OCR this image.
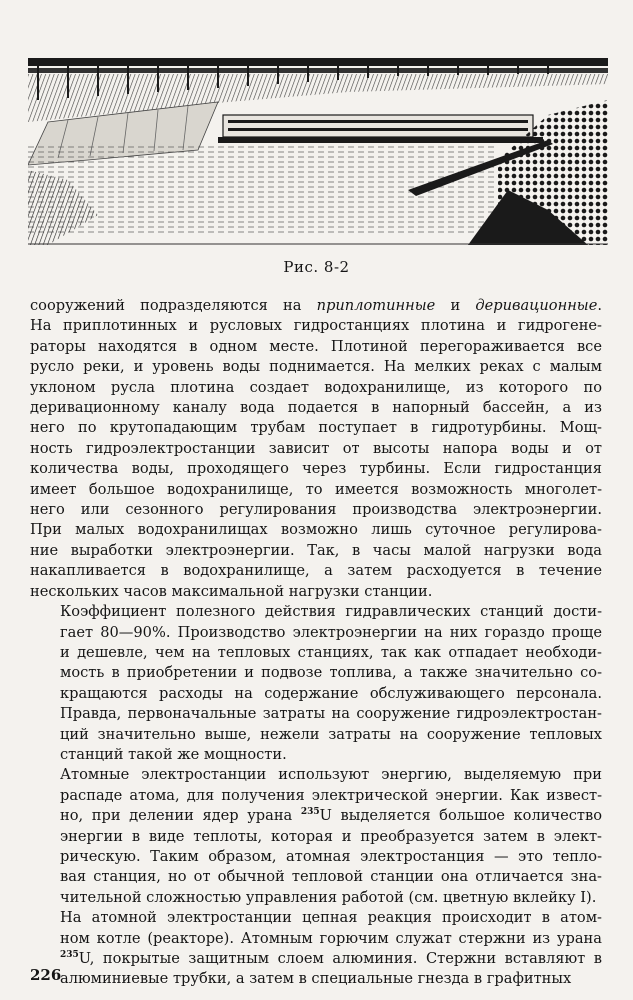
Рис. 8-2

сооружений подразделяются на приплотинные и деривационные.
На приплотинных и русловых гидростанциях плотина и гидрогене-
раторы находятся в одном месте. Плотиной перегораживается все
русло реки, и уровень воды поднимается. На мелких реках с малым
уклоном русла плотина создает водохранилище, из которого по
деривационному каналу вода подается в напорный бассейн, а из
него по крутопадающим трубам поступает в гидротурбины. Мощ-
ность гидроэлектростанции зависит от высоты напора воды и от
количества воды, проходящего через турбины. Если гидростанция
имеет большое водохранилище, то имеется возможность многолет-
него или сезонного регулирования производства электроэнергии.
При малых водохранилищах возможно лишь суточное регулирова-
ние выработки электроэнергии. Так, в часы малой нагрузки вода
накапливается в водохранилище, а затем расходуется в течение
нескольких часов максимальной нагрузки станции.

Коэффициент полезного действия гидравлических станций дости-
гает 80—90%. Производство электроэнергии на них гораздо проще
и дешевле, чем на тепловых станциях, так как отпадает необходи-
мость в приобретении и подвозе топлива, а также значительно со-
кращаются расходы на содержание обслуживающего персонала.
Правда, первоначальные затраты на сооружение гидроэлектростан-
ций значительно выше, нежели затраты на сооружение тепловых
станций такой же мощности.

Атомные электростанции используют энергию, выделяемую при
распаде атома, для получения электрической энергии. Как извест-
но, при делении ядер урана $^{235}$U выделяется большое количество
энергии в виде теплоты, которая и преобразуется затем в элект-
рическую. Таким образом, атомная электростанция — это тепло-
вая станция, но от обычной тепловой станции она отличается зна-
чительной сложностью управления работой (см. цветную вклейку I).

На атомной электростанции цепная реакция происходит в атом-
ном котле (реакторе). Атомным горючим служат стержни из урана
$^{235}$U, покрытые защитным слоем алюминия. Стержни вставляют в
алюминиевые трубки, а затем в специальные гнезда в графитных

226
